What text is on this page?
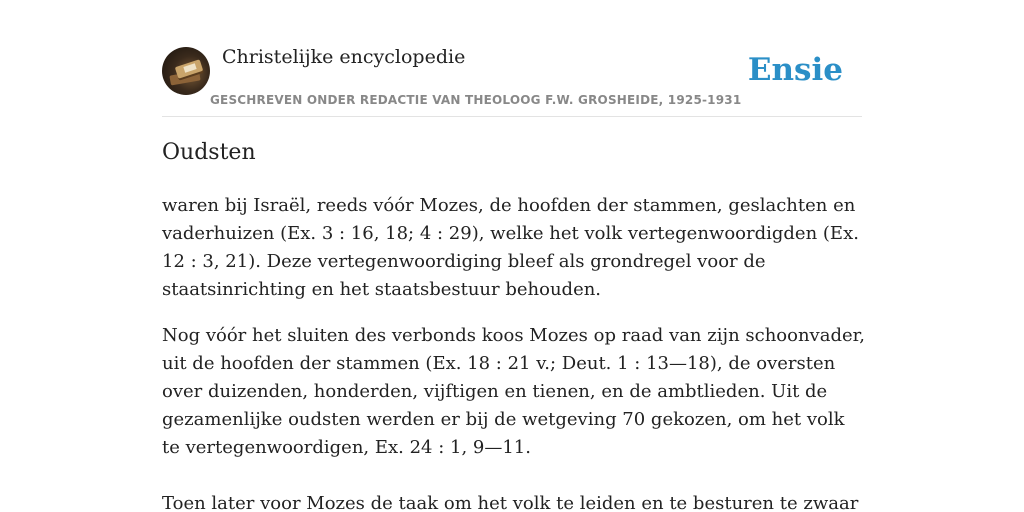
Christelijke encyclopedie
GESCHREVEN ONDER REDACTIE VAN THEOLOOG F.W. GROSHEIDE, 1925-1931
Ensie
Oudsten

waren bij Israël, reeds vóór Mozes, de hoofden der stammen, geslachten en vaderhuizen (Ex. 3 : 16, 18; 4 : 29), welke het volk vertegenwoordigden (Ex. 12 : 3, 21). Deze vertegenwoordiging bleef als grondregel voor de staatsinrichting en het staatsbestuur behouden.

Nog vóór het sluiten des verbonds koos Mozes op raad van zijn schoonvader, uit de hoofden der stammen (Ex. 18 : 21 v.; Deut. 1 : 13—18), de oversten over duizenden, honderden, vijftigen en tienen, en de ambtlieden. Uit de gezamenlijke oudsten werden er bij de wetgeving 70 gekozen, om het volk te vertegenwoordigen, Ex. 24 : 1, 9—11.

Toen later voor Mozes de taak om het volk te leiden en te besturen te zwaar
